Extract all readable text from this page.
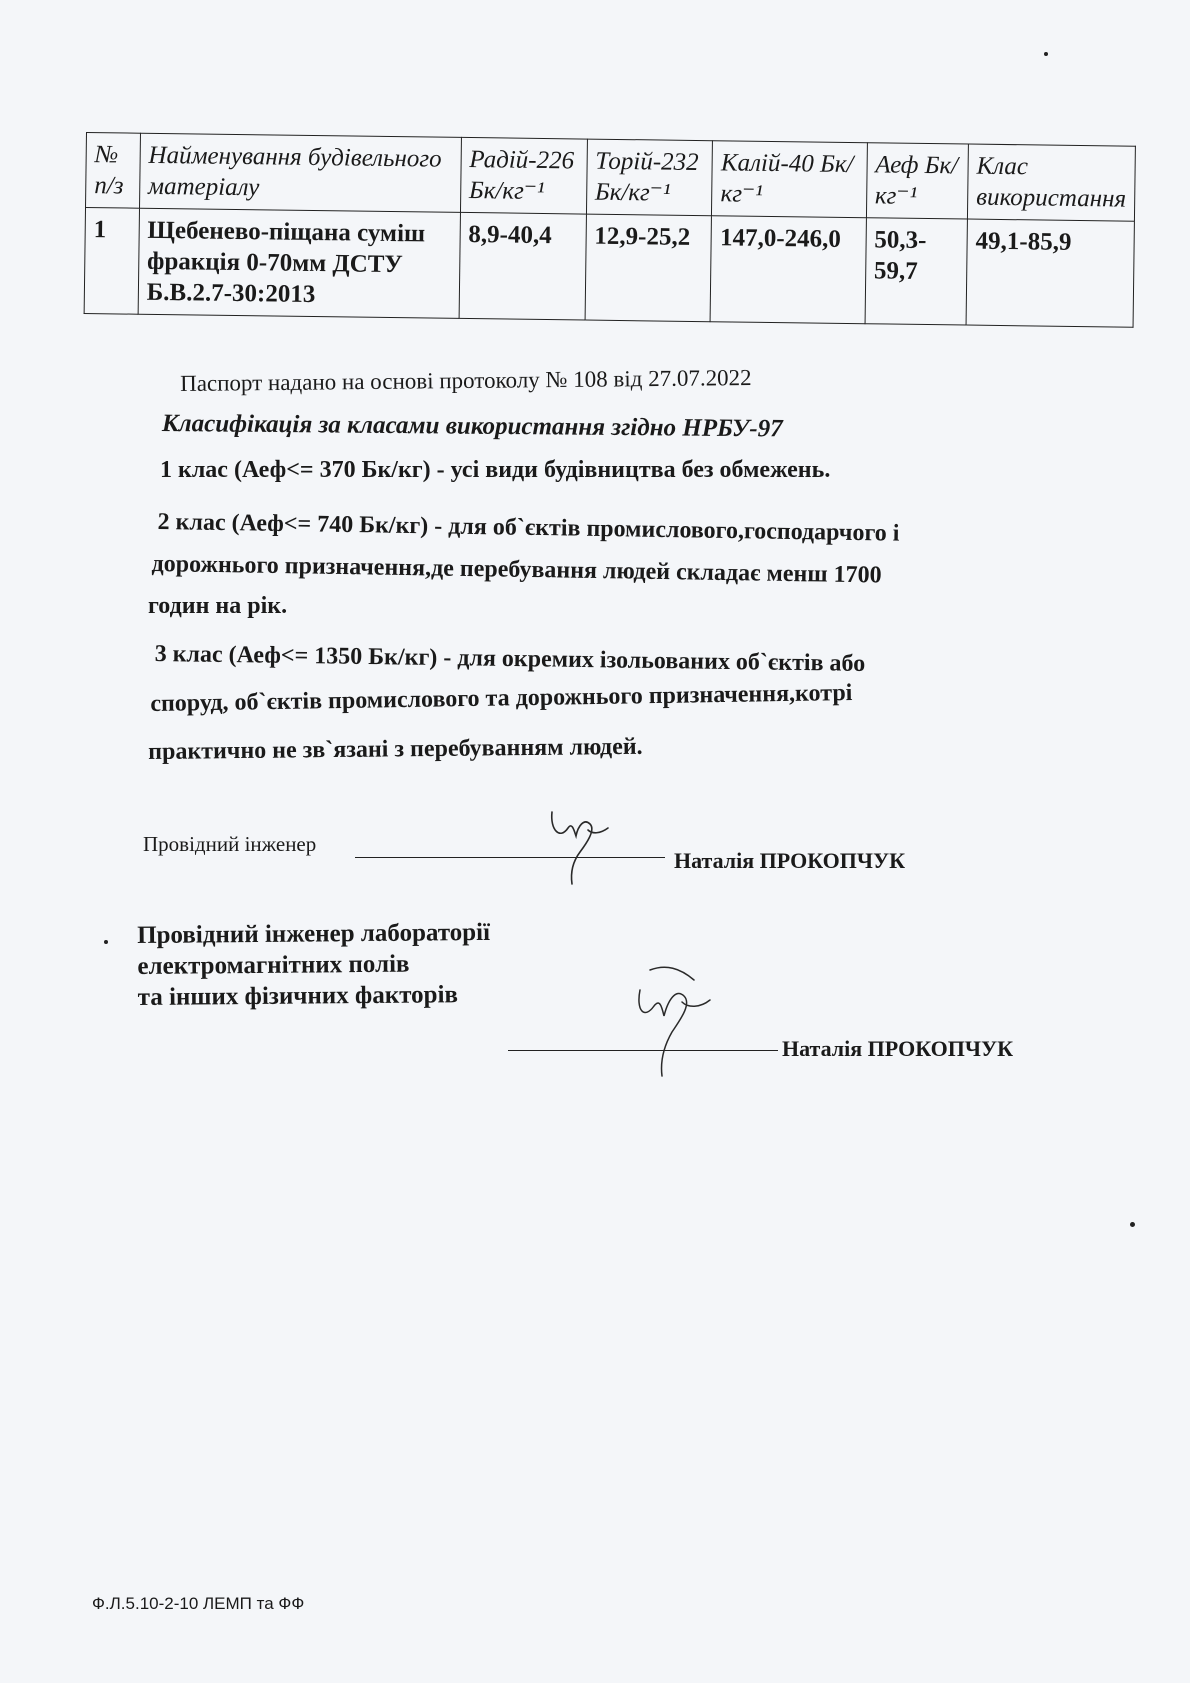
№ п/з	Найменування будівельного матеріалу	Радій-226 Бк/кг⁻¹	Торій-232 Бк/кг⁻¹	Калій-40 Бк/кг⁻¹	Аеф Бк/кг⁻¹	Клас використання
1	Щебенево-піщана суміш фракція 0-70мм ДСТУ Б.В.2.7-30:2013	8,9-40,4	12,9-25,2	147,0-246,0	50,3-59,7	49,1-85,9
Паспорт надано на основі протоколу № 108 від 27.07.2022
Класифікація за класами використання згідно НРБУ-97
1 клас (Аеф<= 370 Бк/кг) - усі види будівництва без обмежень.
2 клас (Аеф<= 740 Бк/кг) - для об`єктів промислового,господарчого і
дорожнього призначення,де перебування людей складає менш 1700
годин на рік.
3 клас (Аеф<= 1350 Бк/кг) - для окремих ізольованих об`єктів або
споруд, об`єктів промислового та дорожнього призначення,котрі
практично не зв`язані з перебуванням людей.
Провідний інженер
Наталія ПРОКОПЧУК
Провідний інженер лабораторії
електромагнітних полів
та інших фізичних факторів
Наталія ПРОКОПЧУК
Ф.Л.5.10-2-10 ЛЕМП та ФФ
